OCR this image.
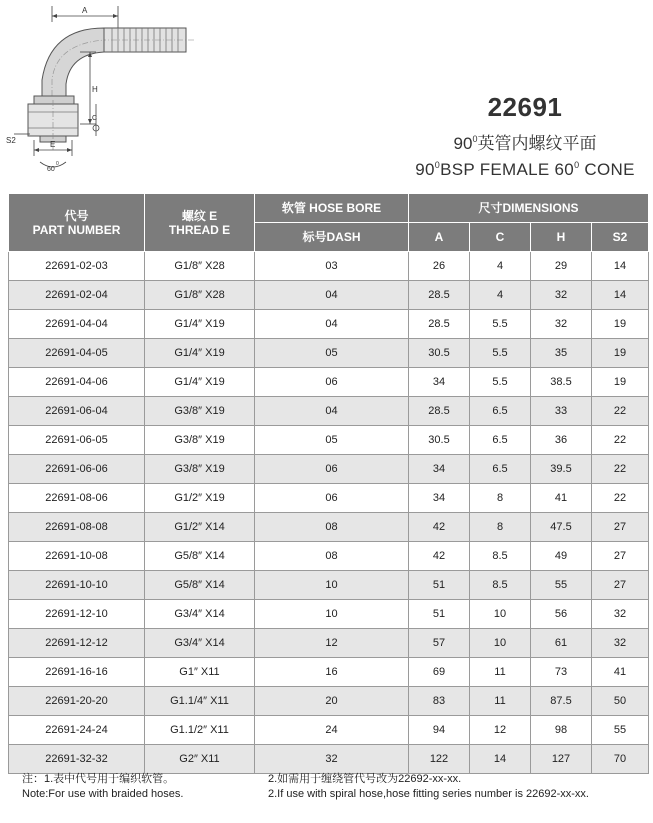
A
H
C
S2	E
60
0
22691
$90^0$英管内螺纹平面
$90^0BSP$ FEMALE $60^0$ CONE
代号
PART NUMBER	螺纹 E
THREAD E	软管 HOSE BORE	尺寸DIMENSIONS			
		标号DASH	A	C	H	S2
22691-02-03	G1/8″ X28	03	26	4	29	14
22691-02-04	G1/8″ X28	04	28.5	4	32	14
22691-04-04	G1/4″ X19	04	28.5	5.5	32	19
22691-04-05	G1/4″ X19	05	30.5	5.5	35	19
22691-04-06	G1/4″ X19	06	34	5.5	38.5	19
22691-06-04	G3/8″ X19	04	28.5	6.5	33	22
22691-06-05	G3/8″ X19	05	30.5	6.5	36	22
22691-06-06	G3/8″ X19	06	34	6.5	39.5	22
22691-08-06	G1/2″ X19	06	34	8	41	22
22691-08-08	G1/2″ X14	08	42	8	47.5	27
22691-10-08	G5/8″ X14	08	42	8.5	49	27
22691-10-10	G5/8″ X14	10	51	8.5	55	27
22691-12-10	G3/4″ X14	10	51	10	56	32
22691-12-12	G3/4″ X14	12	57	10	61	32
22691-16-16	G1″ X11	16	69	11	73	41
22691-20-20	G1.1/4″ X11	20	83	11	87.5	50
22691-24-24	G1.1/2″ X11	24	94	12	98	55
22691-32-32	G2″ X11	32	122	14	127	70
注：1.表中代号用于编织软管。
Note:For use with braided hoses.
2.如需用于缠绕管代号改为22692-xx-xx.
2.If use with spiral hose,hose fitting series number is 22692-xx-xx.
